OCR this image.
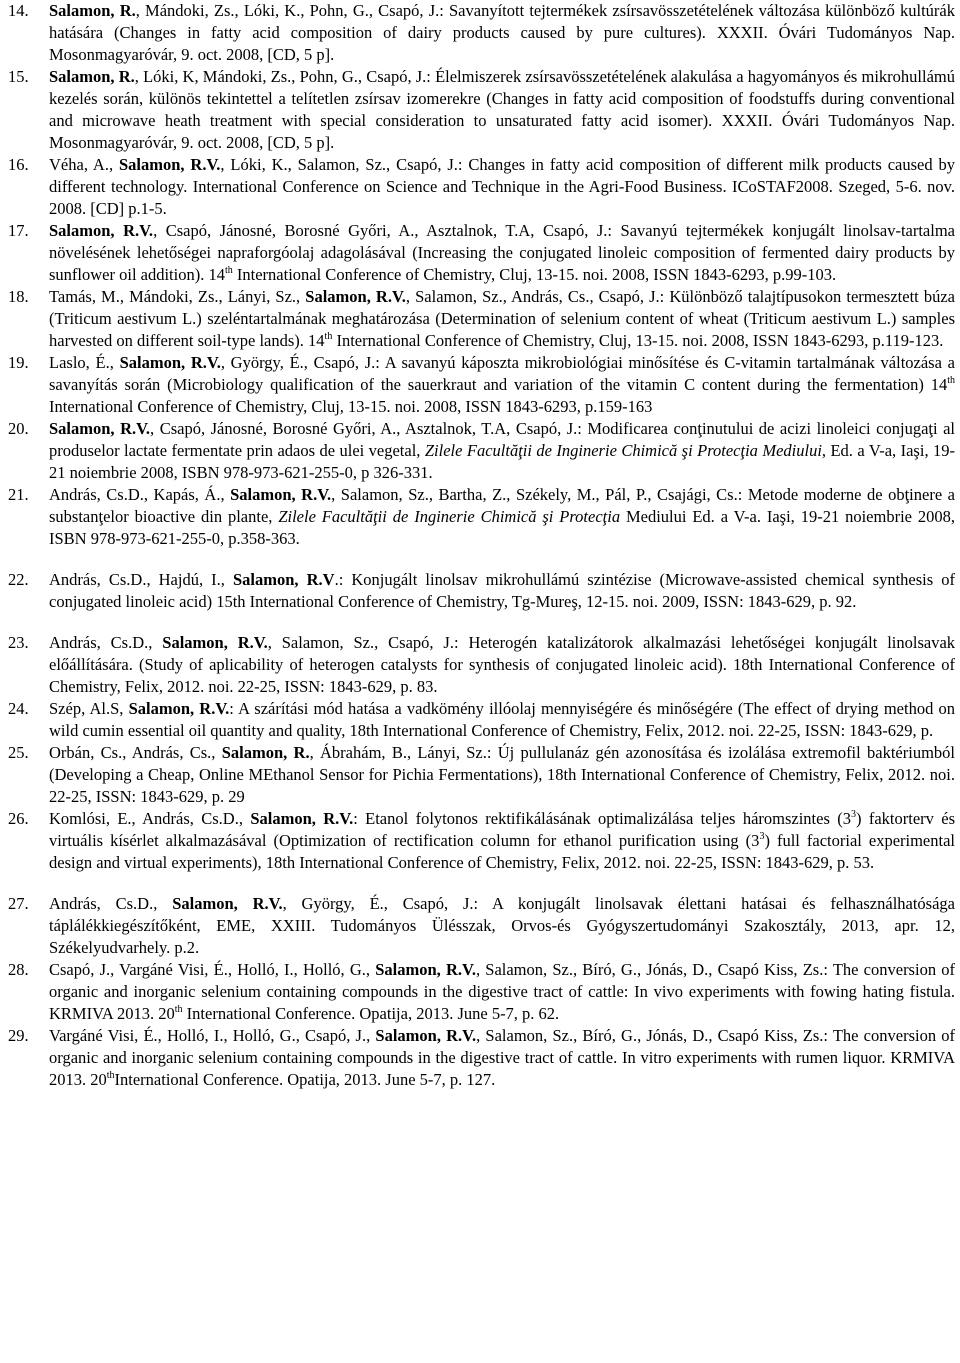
14.	Salamon, R., Mándoki, Zs., Lóki, K., Pohn, G., Csapó, J.: Savanyított tejtermékek zsírsavösszetételének változása különböző kultúrák hatására (Changes in fatty acid composition of dairy products caused by pure cultures). XXXII. Óvári Tudományos Nap. Mosonmagyaróvár, 9. oct. 2008, [CD, 5 p].
15.	Salamon, R., Lóki, K, Mándoki, Zs., Pohn, G., Csapó, J.: Élelmiszerek zsírsavösszetételének alakulása a hagyományos és mikrohullámú kezelés során, különös tekintettel a telítetlen zsírsav izomerekre (Changes in fatty acid composition of foodstuffs during conventional and microwave heath treatment with special consideration to unsaturated fatty acid isomer). XXXII. Óvári Tudományos Nap. Mosonmagyaróvár, 9. oct. 2008, [CD, 5 p].
16.	Véha, A., Salamon, R.V., Lóki, K., Salamon, Sz., Csapó, J.: Changes in fatty acid composition of different milk products caused by different technology. International Conference on Science and Technique in the Agri-Food Business. ICoSTAF2008. Szeged, 5-6. nov. 2008. [CD] p.1-5.
17.	Salamon, R.V., Csapó, Jánosné, Borosné Győri, A., Asztalnok, T.A, Csapó, J.: Savanyú tejtermékek konjugált linolsav-tartalma növelésének lehetőségei napraforgóolaj adagolásával (Increasing the conjugated linoleic composition of fermented dairy products by sunflower oil addition). 14th International Conference of Chemistry, Cluj, 13-15. noi. 2008, ISSN 1843-6293, p.99-103.
18.	Tamás, M., Mándoki, Zs., Lányi, Sz., Salamon, R.V., Salamon, Sz., András, Cs., Csapó, J.: Különböző talajtípusokon termesztett búza (Triticum aestivum L.) szeléntartalmának meghatározása (Determination of selenium content of wheat (Triticum aestivum L.) samples harvested on different soil-type lands). 14th International Conference of Chemistry, Cluj, 13-15. noi. 2008, ISSN 1843-6293, p.119-123.
19.	Laslo, É., Salamon, R.V., György, É., Csapó, J.: A savanyú káposzta mikrobiológiai minősítése és C-vitamin tartalmának változása a savanyítás során (Microbiology qualification of the sauerkraut and variation of the vitamin C content during the fermentation) 14th International Conference of Chemistry, Cluj, 13-15. noi. 2008, ISSN 1843-6293, p.159-163
20.	Salamon, R.V., Csapó, Jánosné, Borosné Győri, A., Asztalnok, T.A, Csapó, J.: Modificarea conţinutului de acizi linoleici conjugaţi al produselor lactate fermentate prin adaos de ulei vegetal, Zilele Facultăţii de Inginerie Chimică şi Protecţia Mediului, Ed. a V-a, Iaşi, 19-21 noiembrie 2008, ISBN 978-973-621-255-0, p 326-331.
21.	András, Cs.D., Kapás, Á., Salamon, R.V., Salamon, Sz., Bartha, Z., Székely, M., Pál, P., Csajági, Cs.: Metode moderne de obţinere a substanţelor bioactive din plante, Zilele Facultăţii de Inginerie Chimică şi Protecţia Mediului Ed. a V-a. Iaşi, 19-21 noiembrie 2008, ISBN 978-973-621-255-0, p.358-363.
22.	András, Cs.D., Hajdú, I., Salamon, R.V.: Konjugált linolsav mikrohullámú szintézise (Microwave-assisted chemical synthesis of conjugated linoleic acid) 15th International Conference of Chemistry, Tg-Mureş, 12-15. noi. 2009, ISSN: 1843-629, p. 92.
23.	András, Cs.D., Salamon, R.V., Salamon, Sz., Csapó, J.: Heterogén katalizátorok alkalmazási lehetőségei konjugált linolsavak előállítására. (Study of aplicability of heterogen catalysts for synthesis of conjugated linoleic acid). 18th International Conference of Chemistry, Felix, 2012. noi. 22-25, ISSN: 1843-629, p. 83.
24.	Szép, Al.S, Salamon, R.V.: A szárítási mód hatása a vadkömény illóolaj mennyiségére és minőségére (The effect of drying method on wild cumin essential oil quantity and quality, 18th International Conference of Chemistry, Felix, 2012. noi. 22-25, ISSN: 1843-629, p.
25.	Orbán, Cs., András, Cs., Salamon, R., Ábrahám, B., Lányi, Sz.: Új pullulanáz gén azonosítása és izolálása extremofil baktériumból (Developing a Cheap, Online MEthanol Sensor for Pichia Fermentations), 18th International Conference of Chemistry, Felix, 2012. noi. 22-25, ISSN: 1843-629, p. 29
26.	Komlósi, E., András, Cs.D., Salamon, R.V.: Etanol folytonos rektifikálásának optimalizálása teljes háromszintes $(3^3)$ faktorterv és virtuális kísérlet alkalmazásával (Optimization of rectification column for ethanol purification using $(3^3)$ full factorial experimental design and virtual experiments), 18th International Conference of Chemistry, Felix, 2012. noi. 22-25, ISSN: 1843-629, p. 53.
27.	András, Cs.D., Salamon, R.V., György, É., Csapó, J.: A konjugált linolsavak élettani hatásai és felhasználhatósága táplálékkiegészítőként, EME, XXIII. Tudományos Ülésszak, Orvos-és Gyógyszertudományi Szakosztály, 2013, apr. 12, Székelyudvarhely. p.2.
28.	Csapó, J., Vargáné Visi, É., Holló, I., Holló, G., Salamon, R.V., Salamon, Sz., Bíró, G., Jónás, D., Csapó Kiss, Zs.: The conversion of organic and inorganic selenium containing compounds in the digestive tract of cattle: In vivo experiments with fowing hating fistula. KRMIVA 2013. 20th International Conference. Opatija, 2013. June 5-7, p. 62.
29.	Vargáné Visi, É., Holló, I., Holló, G., Csapó, J., Salamon, R.V., Salamon, Sz., Bíró, G., Jónás, D., Csapó Kiss, Zs.: The conversion of organic and inorganic selenium containing compounds in the digestive tract of cattle. In vitro experiments with rumen liquor. KRMIVA 2013. 20thInternational Conference. Opatija, 2013. June 5-7, p. 127.
